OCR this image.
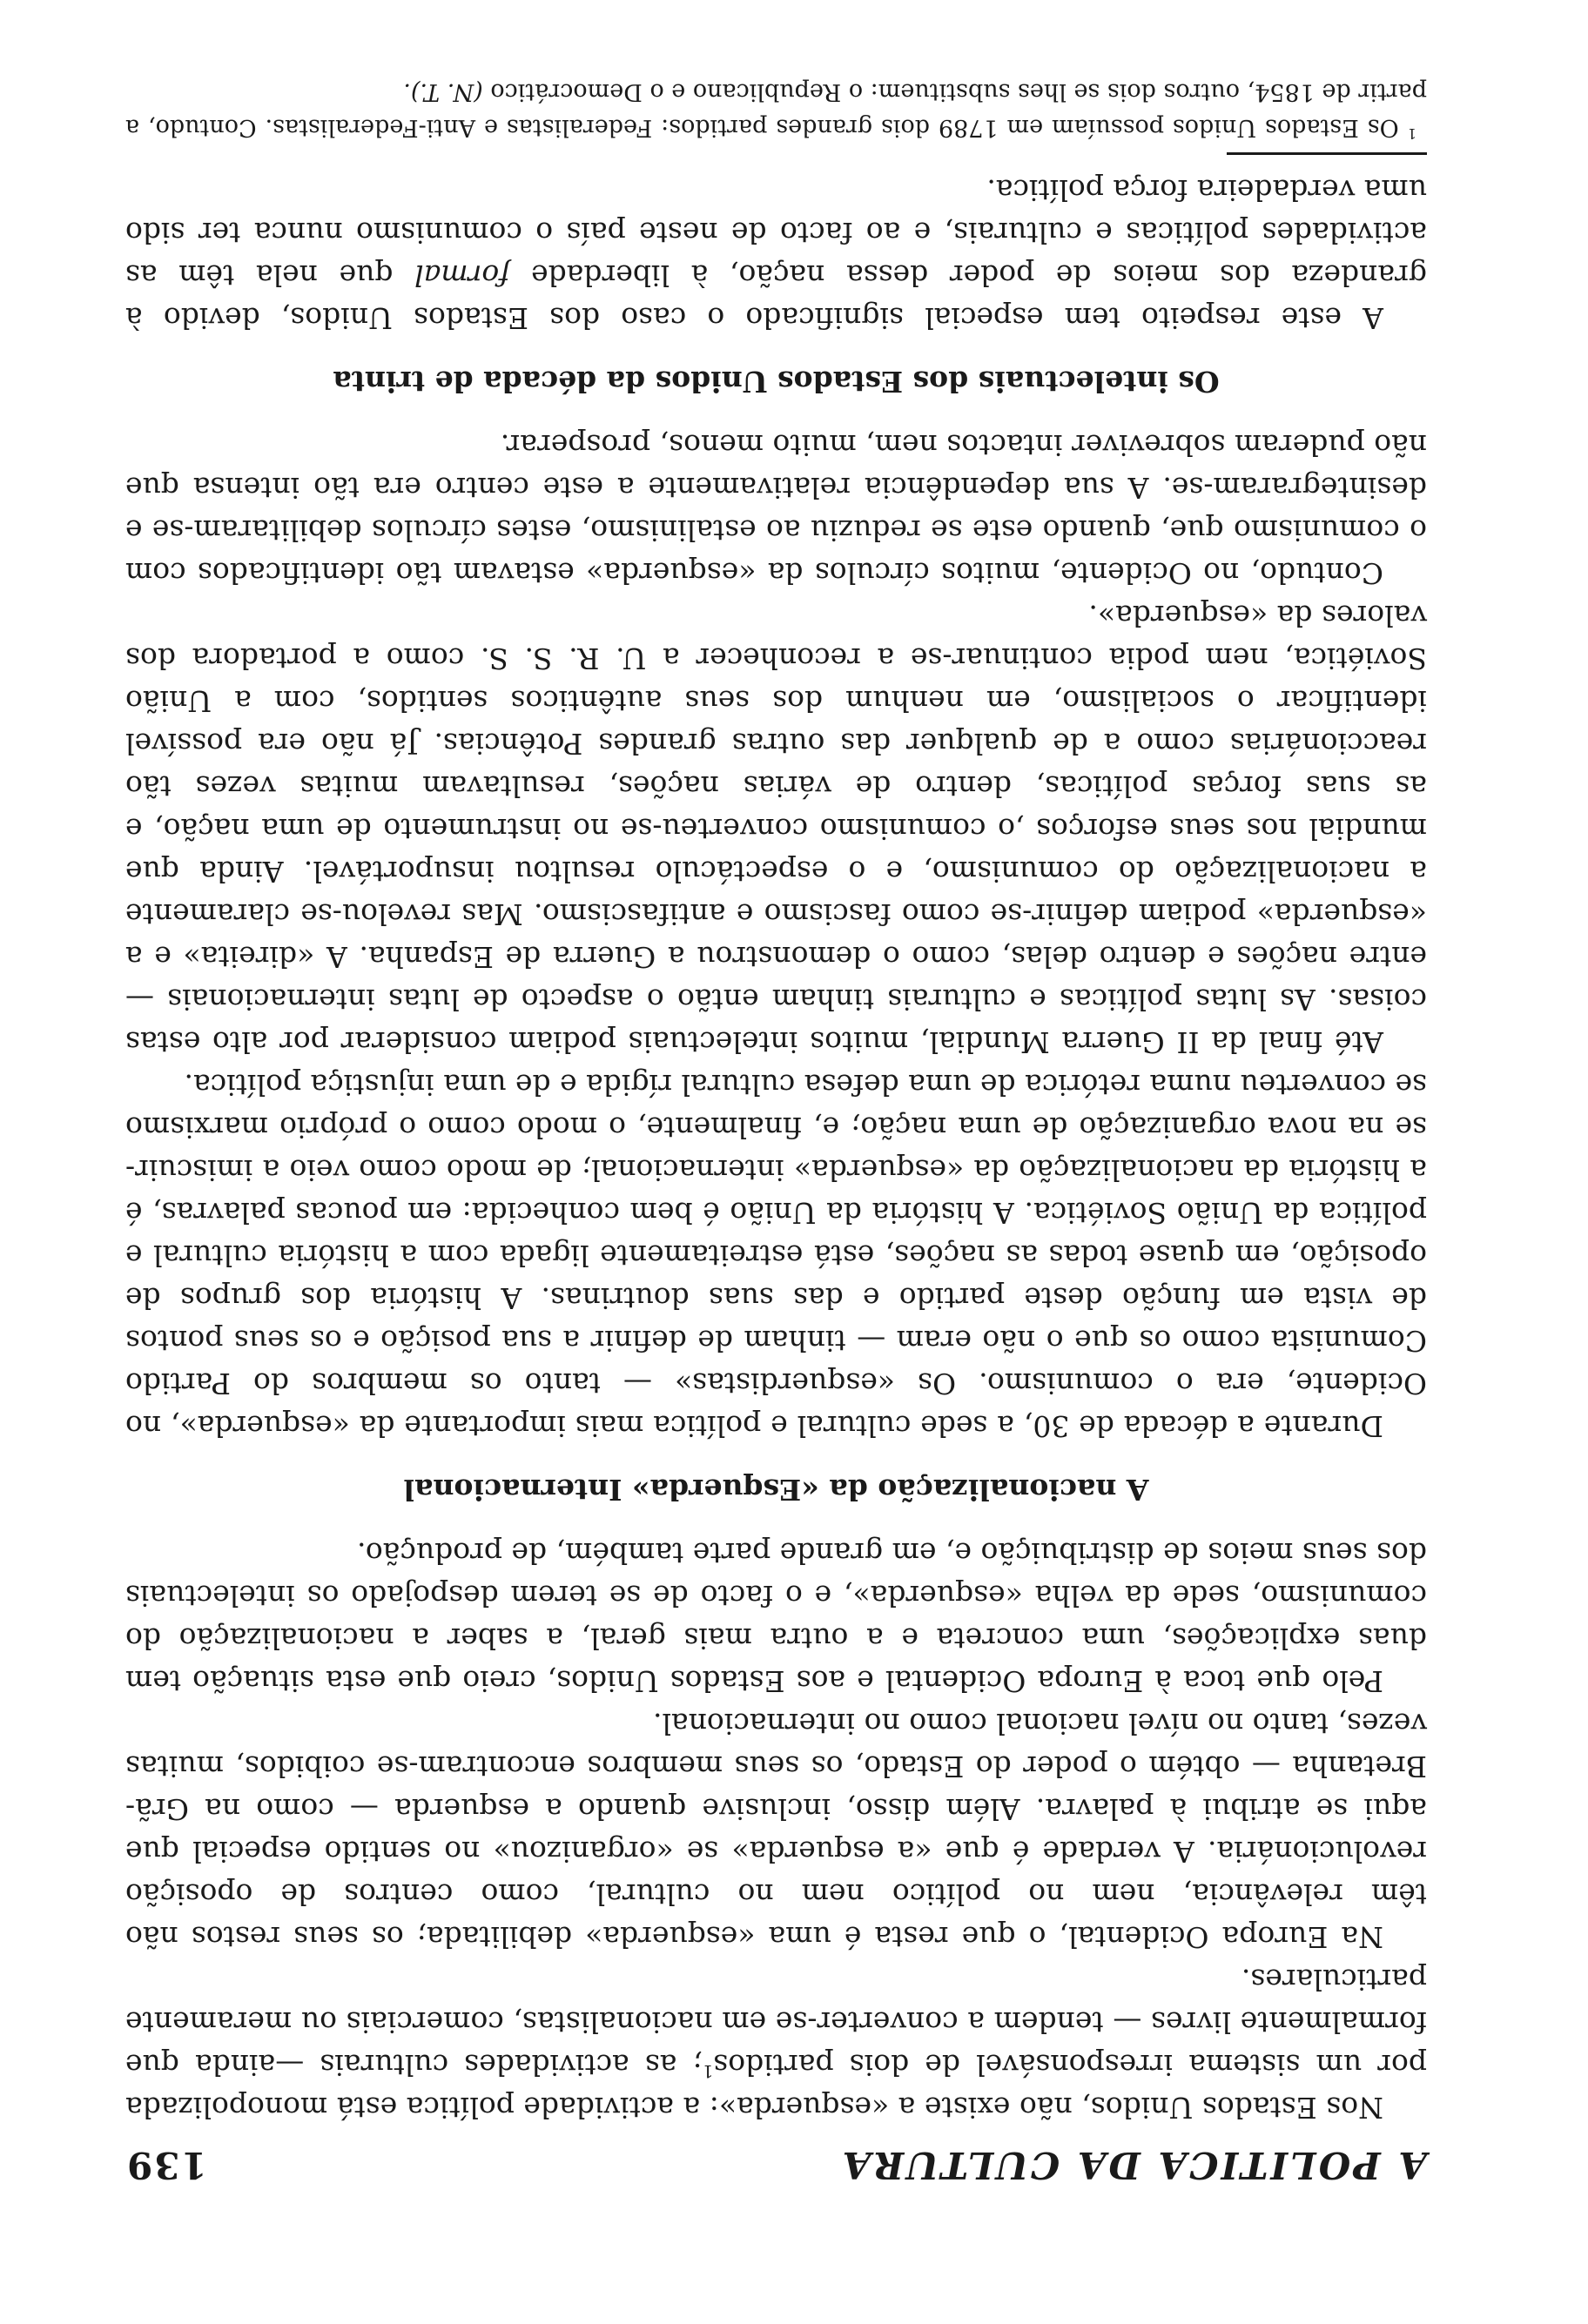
A POLITICA DA CULTURA
139

Nos Estados Unidos, não existe a «esquerda»: a actividade política está monopolizada por um sistema irresponsável de dois partidos$^1$; as actividades culturais —ainda que formalmente livres — tendem a converter-se em nacionalistas, comerciais ou meramente particulares.

Na Europa Ocidental, o que resta é uma «esquerda» debilitada; os seus restos não têm relevância, nem no político nem no cultural, como centros de oposição revolucionária. A verdade é que «a esquerda» se «organizou» no sentido especial que aqui se atribui à palavra. Além disso, inclusive quando a esquerda — como na Grã-Bretanha — obtém o poder do Estado, os seus membros encontram-se coibidos, muitas vezes, tanto no nível nacional como no internacional.

Pelo que toca à Europa Ocidental e aos Estados Unidos, creio que esta situação tem duas explicações, uma concreta e a outra mais geral, a saber a nacionalização do comunismo, sede da velha «esquerda», e o facto de se terem despojado os intelectuais dos seus meios de distribuição e, em grande parte também, de produção.

A nacionalização da «Esquerda» Internacional

Durante a década de 30, a sede cultural e política mais importante da «esquerda», no Ocidente, era o comunismo. Os «esquerdistas» — tanto os membros do Partido Comunista como os que o não eram — tinham de definir a sua posição e os seus pontos de vista em função deste partido e das suas doutrinas. A história dos grupos de oposição, em quase todas as nações, está estreitamente ligada com a história cultural e política da União Soviética. A história da União é bem conhecida: em poucas palavras, é a história da nacionalização da «esquerda» internacional; de modo como veio a imiscuir-se na nova organização de uma nação; e, finalmente, o modo como o próprio marxismo se converteu numa retórica de uma defesa cultural rígida e de uma injustiça política.

Até final da II Guerra Mundial, muitos intelectuais podiam considerar por alto estas coisas. As lutas políticas e culturais tinham então o aspecto de lutas internacionais — entre nações e dentro delas, como o demonstrou a Guerra de Espanha. A «direita» e a «esquerda» podiam definir-se como fascismo e antifascismo. Mas revelou-se claramente a nacionalização do comunismo, e o espectáculo resultou insuportável. Ainda que mundial nos seus esforços ,o comunismo converteu-se no instrumento de uma nação, e as suas forças políticas, dentro de várias nações, resultavam muitas vezes tão reaccionárias como a de qualquer das outras grandes Potências. Já não era possível identificar o socialismo, em nenhum dos seus autênticos sentidos, com a União Soviética, nem podia continuar-se a reconhecer a U. R. S. S. como a portadora dos valores da «esquerda».

Contudo, no Ocidente, muitos círculos da «esquerda» estavam tão identificados com o comunismo que, quando este se reduziu ao estalinismo, estes círculos debilitaram-se e desintegraram-se. A sua dependência relativamente a este centro era tão intensa que não puderam sobreviver intactos nem, muito menos, prosperar.

Os intelectuais dos Estados Unidos da década de trinta

A este respeito tem especial significado o caso dos Estados Unidos, devido à grandeza dos meios de poder dessa nação, à liberdade formal que nela têm as actividades políticas e culturais, e ao facto de neste país o comunismo nunca ter sido uma verdadeira força política.

$^1$ Os Estados Unidos possuíam em 1789 dois grandes partidos: Federalistas e Anti-Federalistas. Contudo, a partir de 1854, outros dois se lhes substituem: o Republicano e o Democrático (N. T.).
